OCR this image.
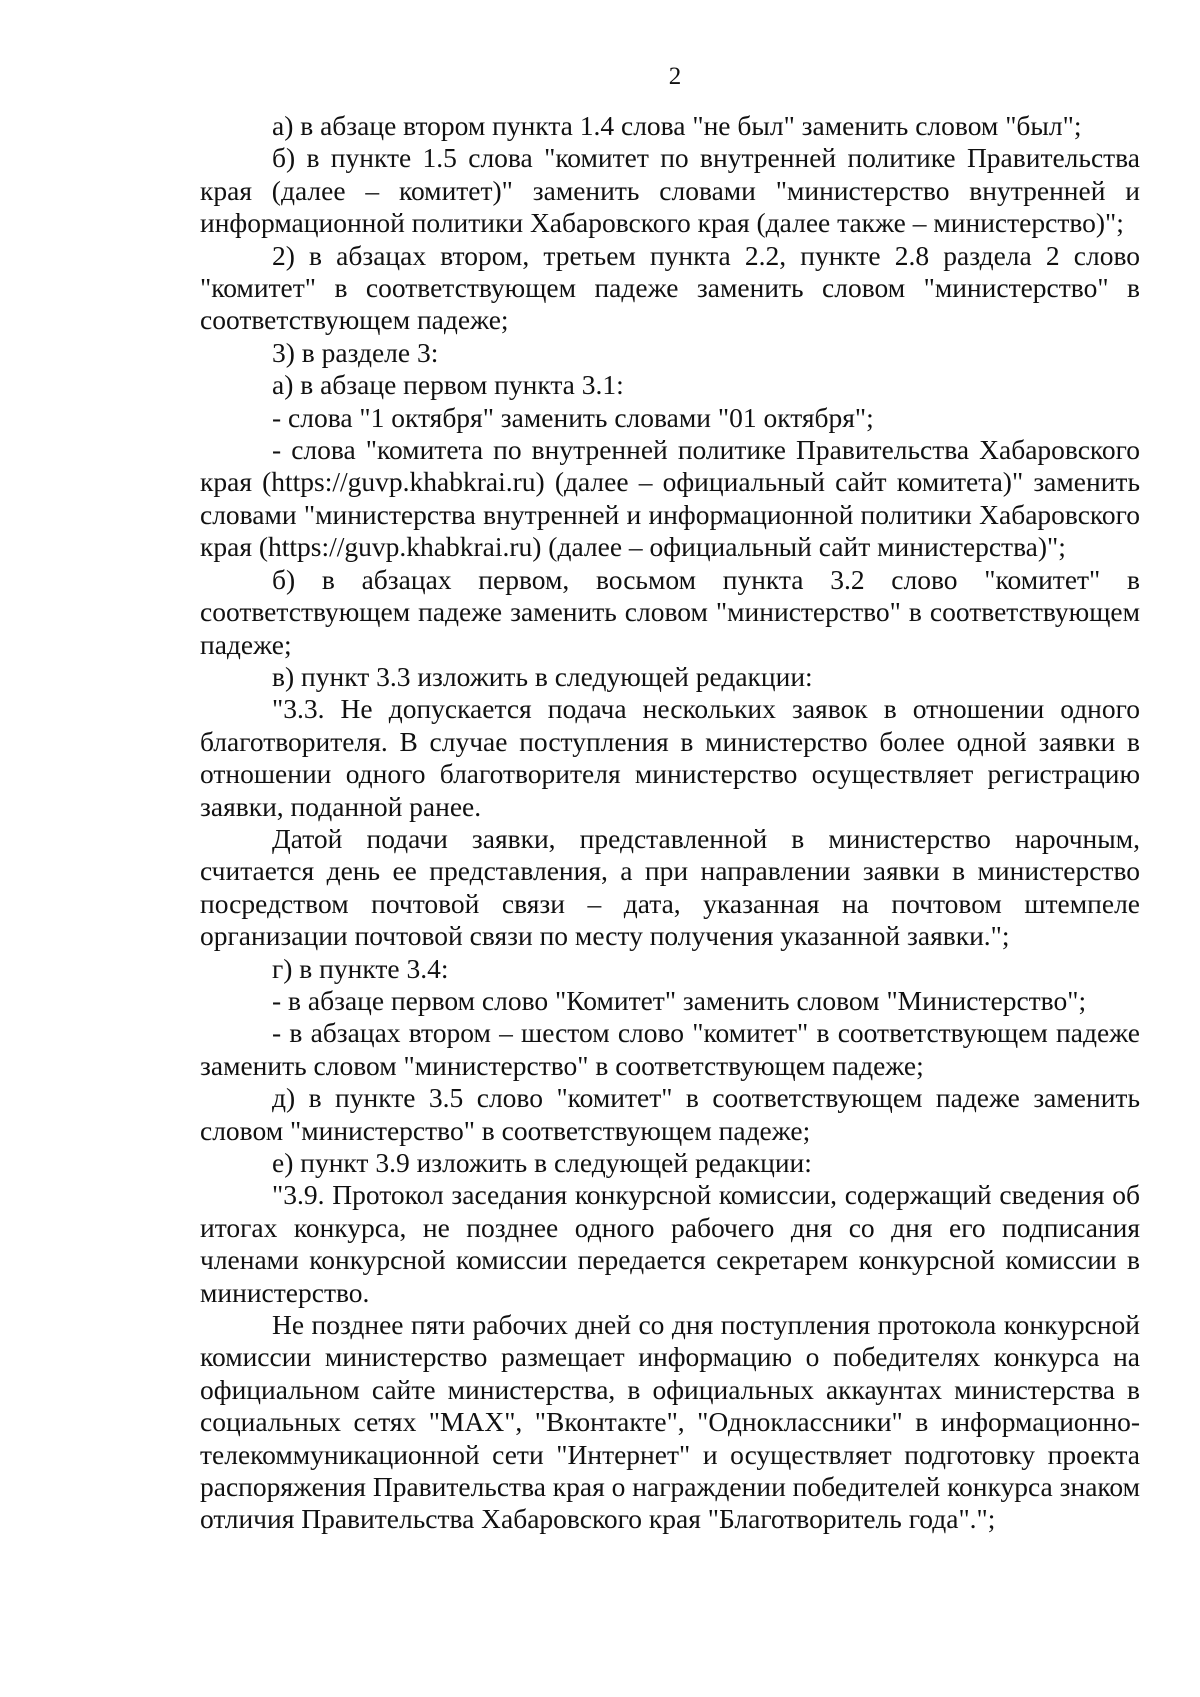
2

а) в абзаце втором пункта 1.4 слова "не был" заменить словом "был";

б) в пункте 1.5 слова "комитет по внутренней политике Правительства края (далее – комитет)" заменить словами "министерство внутренней и информационной политики Хабаровского края (далее также – министерство)";

2) в абзацах втором, третьем пункта 2.2, пункте 2.8 раздела 2 слово "комитет" в соответствующем падеже заменить словом "министерство" в соответствующем падеже;

3) в разделе 3:

а) в абзаце первом пункта 3.1:

- слова "1 октября" заменить словами "01 октября";

- слова "комитета по внутренней политике Правительства Хабаровского края (https://guvp.khabkrai.ru) (далее – официальный сайт комитета)" заменить словами "министерства внутренней и информационной политики Хабаровского края (https://guvp.khabkrai.ru) (далее – официальный сайт министерства)";

б) в абзацах первом, восьмом пункта 3.2 слово "комитет" в соответствующем падеже заменить словом "министерство" в соответствующем падеже;

в) пункт 3.3 изложить в следующей редакции:

"3.3. Не допускается подача нескольких заявок в отношении одного благотворителя. В случае поступления в министерство более одной заявки в отношении одного благотворителя министерство осуществляет регистрацию заявки, поданной ранее.

Датой подачи заявки, представленной в министерство нарочным, считается день ее представления, а при направлении заявки в министерство посредством почтовой связи – дата, указанная на почтовом штемпеле организации почтовой связи по месту получения указанной заявки.";

г) в пункте 3.4:

- в абзаце первом слово "Комитет" заменить словом "Министерство";

- в абзацах втором – шестом слово "комитет" в соответствующем падеже заменить словом "министерство" в соответствующем падеже;

д) в пункте 3.5 слово "комитет" в соответствующем падеже заменить словом "министерство" в соответствующем падеже;

е) пункт 3.9 изложить в следующей редакции:

"3.9. Протокол заседания конкурсной комиссии, содержащий сведения об итогах конкурса, не позднее одного рабочего дня со дня его подписания членами конкурсной комиссии передается секретарем конкурсной комиссии в министерство.

Не позднее пяти рабочих дней со дня поступления протокола конкурсной комиссии министерство размещает информацию о победителях конкурса на официальном сайте министерства, в официальных аккаунтах министерства в социальных сетях "MAX", "Вконтакте", "Одноклассники" в информационно-телекоммуникационной сети "Интернет" и осуществляет подготовку проекта распоряжения Правительства края о награждении победителей конкурса знаком отличия Правительства Хабаровского края "Благотворитель года".";
